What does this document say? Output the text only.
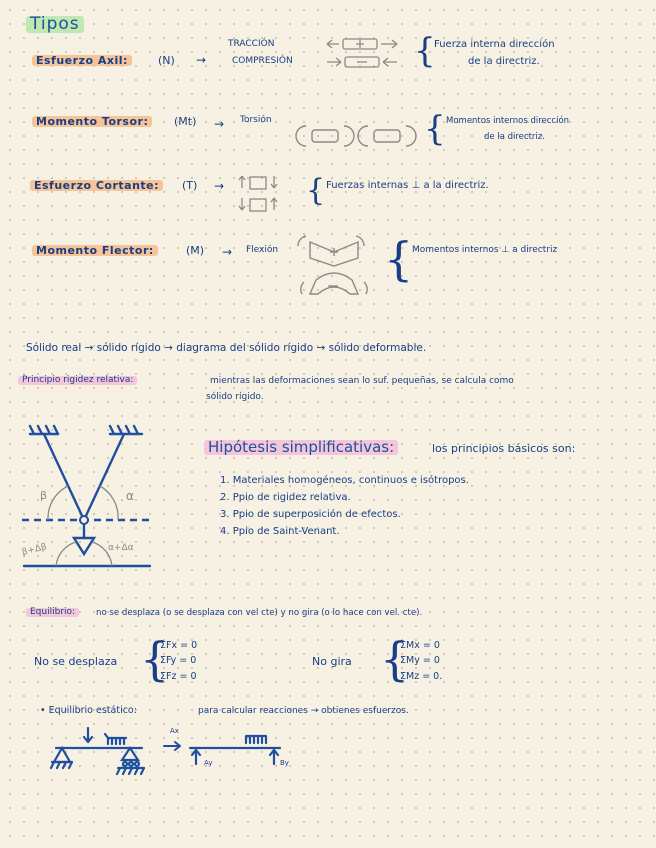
Tipos
Esfuerzo Axil:	(N) →
TRACCIÓN
COMPRESIÓN	{
Fuerza interna dirección
de la directriz.
Momento Torsor:	(Mt) → Torsión	{ Momentos internos dirección
de la directriz.
Esfuerzo Cortante:	(T) →	{ Fuerzas internas ⊥ a la directriz.
Momento Flector:	(M) → Flexión {
Momentos internos ⊥ a directriz
Sólido real → sólido rígido → diagrama del sólido rígido → sólido deformable.
Principio rigidez relativa:	mientras las deformaciones sean lo suf. pequeñas, se calcula como
sólido rígido.
β	α
β+Δβ	α+Δα
Hipótesis simplificativas:	los principios básicos son:
1. Materiales homogéneos, continuos e isótropos.
2. Ppio de rigidez relativa.
3. Ppio de superposición de efectos.
4. Ppio de Saint-Venant.
Equilibrio:	no se desplaza (o se desplaza con vel cte) y no gira (o lo hace con vel. cte).
No se desplaza {
ΣFx = 0
ΣFy = 0
ΣFz = 0
No gira {
ΣMx = 0
ΣMy = 0
ΣMz = 0.
• Equilibrio estático:	para calcular reacciones → obtienes esfuerzos.
Ax
Ay	By
